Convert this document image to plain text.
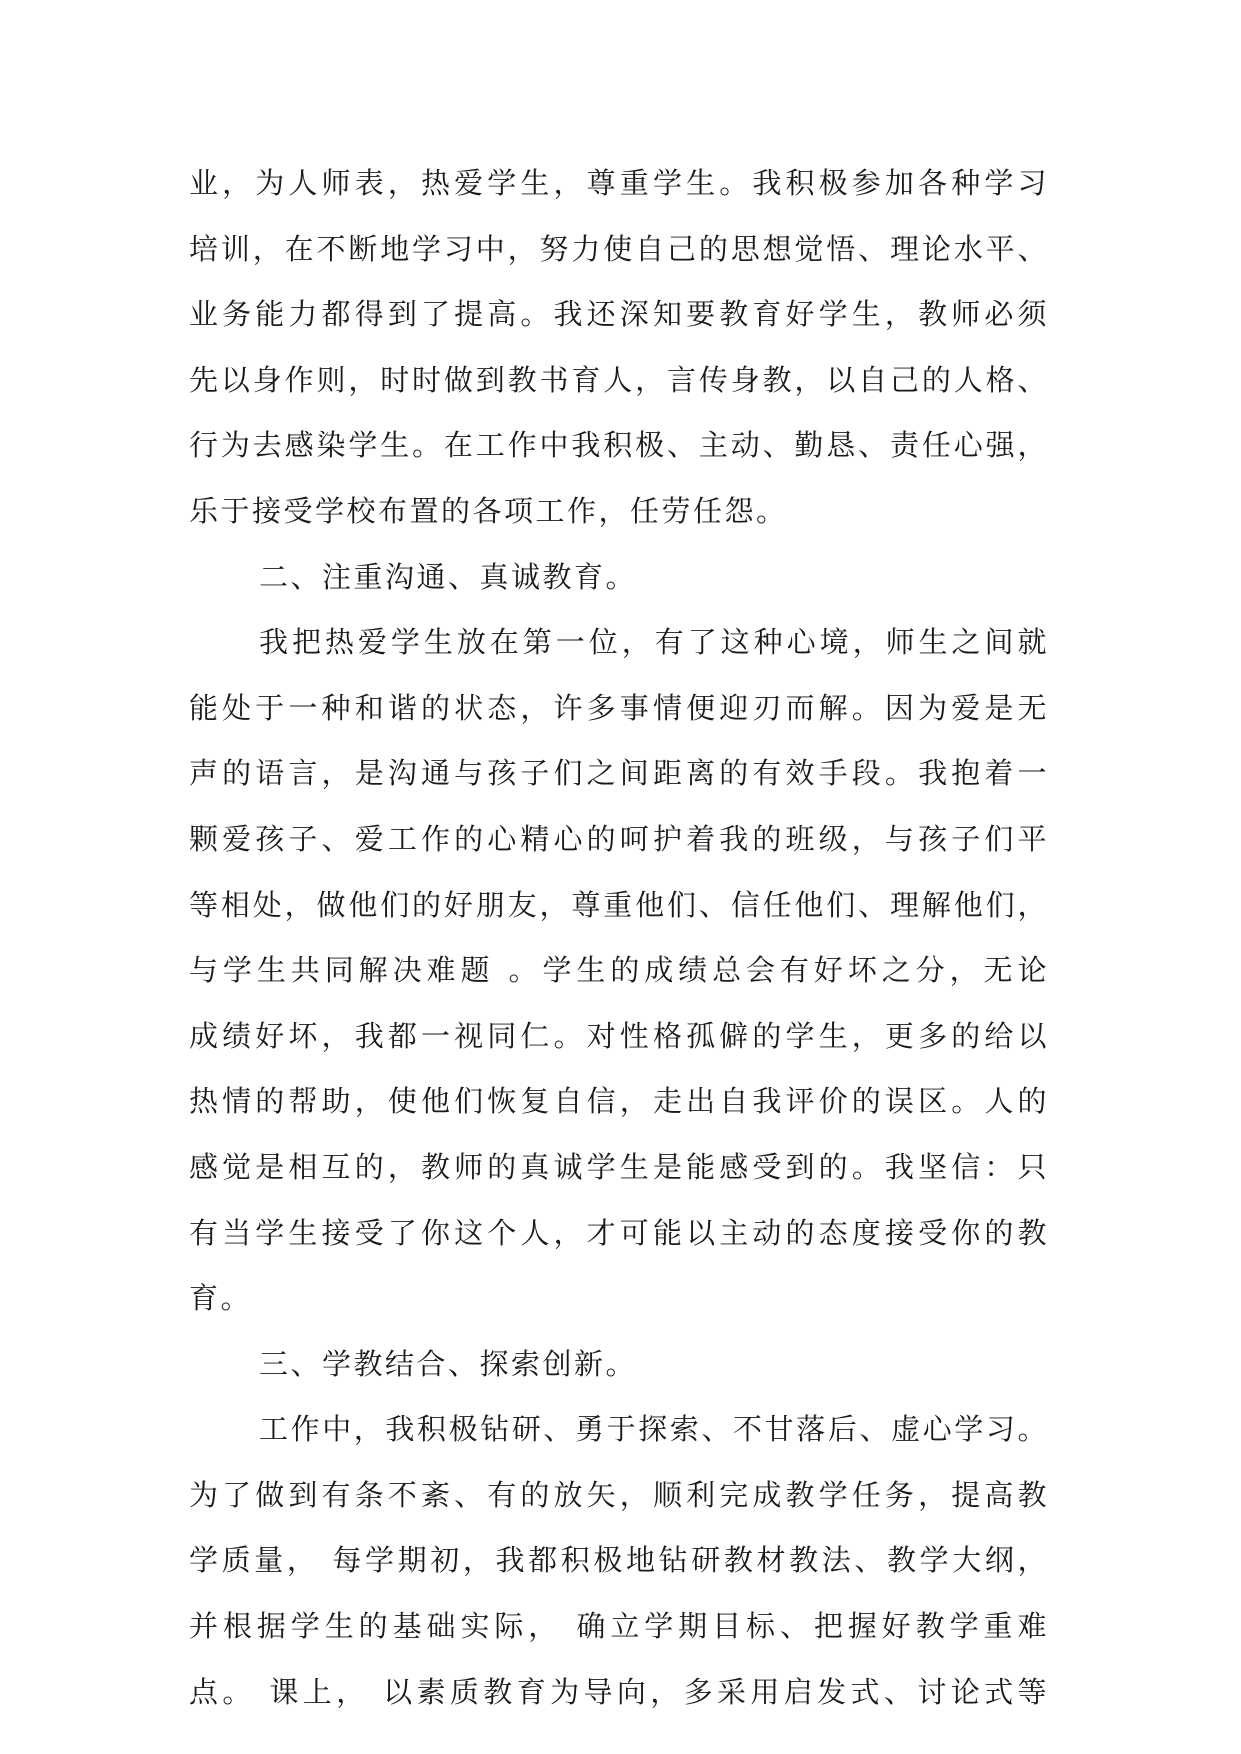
业，为人师表，热爱学生，尊重学生。我积极参加各种学习
培训，在不断地学习中，努力使自己的思想觉悟、理论水平、
业务能力都得到了提高。我还深知要教育好学生，教师必须
先以身作则，时时做到教书育人，言传身教，以自己的人格、
行为去感染学生。在工作中我积极、主动、勤恳、责任心强，
乐于接受学校布置的各项工作，任劳任怨。
二、注重沟通、真诚教育。
我把热爱学生放在第一位，有了这种心境，师生之间就
能处于一种和谐的状态，许多事情便迎刃而解。因为爱是无
声的语言，是沟通与孩子们之间距离的有效手段。我抱着一
颗爱孩子、爱工作的心精心的呵护着我的班级，与孩子们平
等相处，做他们的好朋友，尊重他们、信任他们、理解他们，
与学生共同解决难题 。学生的成绩总会有好坏之分，无论
成绩好坏，我都一视同仁。对性格孤僻的学生，更多的给以
热情的帮助，使他们恢复自信，走出自我评价的误区。人的
感觉是相互的，教师的真诚学生是能感受到的。我坚信：只
有当学生接受了你这个人，才可能以主动的态度接受你的教
育。
三、学教结合、探索创新。
工作中，我积极钻研、勇于探索、不甘落后、虚心学习。
为了做到有条不紊、有的放矢，顺利完成教学任务，提高教
学质量， 每学期初，我都积极地钻研教材教法、教学大纲，
并根据学生的基础实际， 确立学期目标、把握好教学重难
点。 课上， 以素质教育为导向，多采用启发式、讨论式等
